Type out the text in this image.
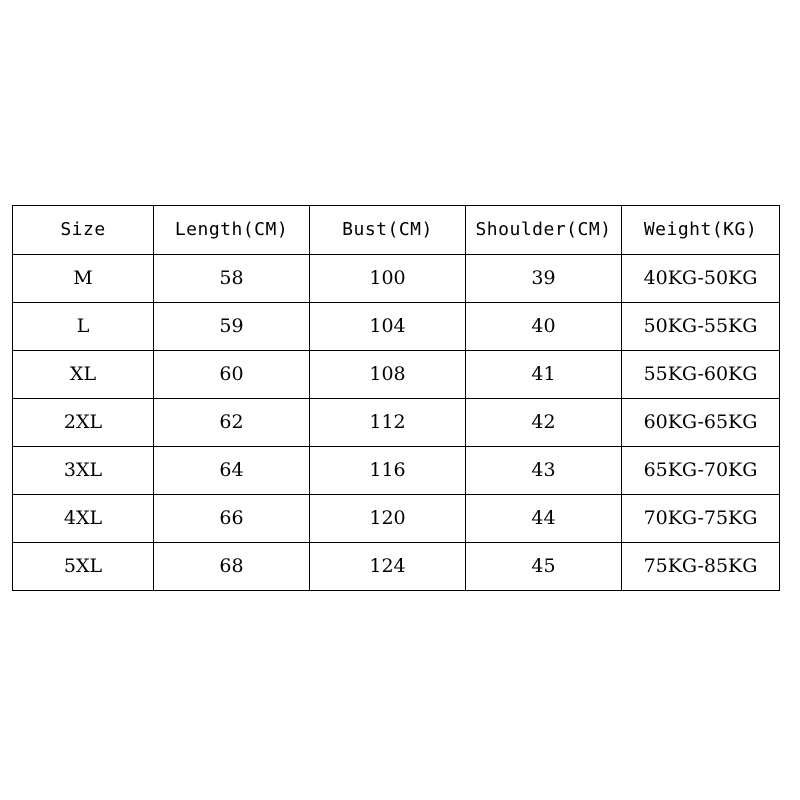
Size	Length(CM)	Bust(CM)	Shoulder(CM)	Weight(KG)
M	58	100	39	40KG-50KG
L	59	104	40	50KG-55KG
XL	60	108	41	55KG-60KG
2XL	62	112	42	60KG-65KG
3XL	64	116	43	65KG-70KG
4XL	66	120	44	70KG-75KG
5XL	68	124	45	75KG-85KG
